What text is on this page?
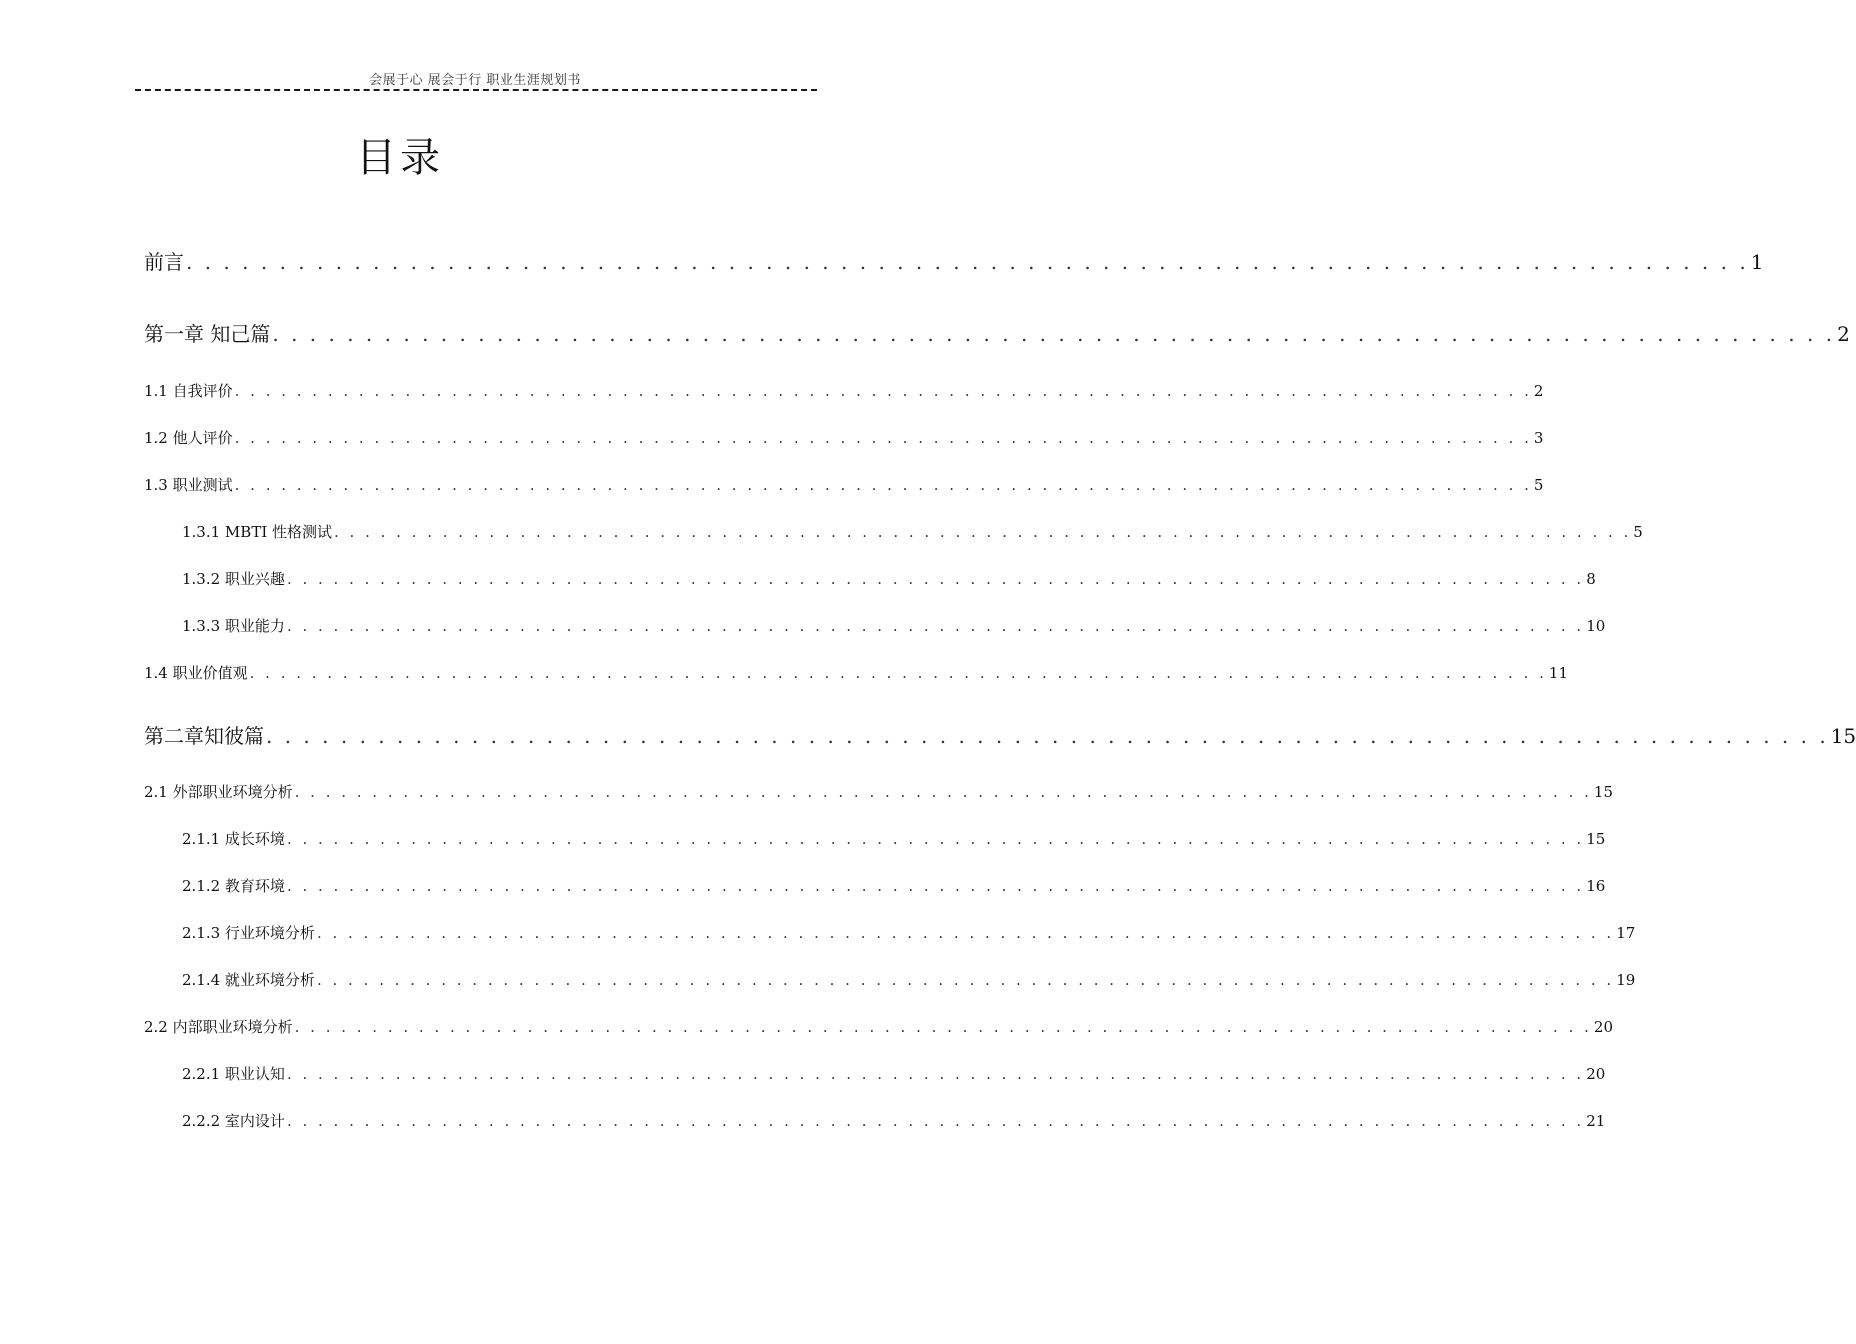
会展于心 展会于行 职业生涯规划书
目录
前言 . . . . . . . . . . . . . . . . . . . . . . . . . . . . . . . . . . . . . . . . . . . . . . . . . . . . . . . . . . . . . . . . . . . . . . . . . . . . . . . . . . . . 1
第一章 知己篇 . . . . . . . . . . . . . . . . . . . . . . . . . . . . . . . . . . . . . . . . . . . . . . . . . . . . . . . . . . . . . . . . . . . . . . . . . . . . . . . . . . . . 2
1.1 自我评价 . . . . . . . . . . . . . . . . . . . . . . . . . . . . . . . . . . . . . . . . . . . . . . . . . . . . . . . . . . . . . . . . . . . . . . . . . . . . . . . . . . . . 2
1.2 他人评价 . . . . . . . . . . . . . . . . . . . . . . . . . . . . . . . . . . . . . . . . . . . . . . . . . . . . . . . . . . . . . . . . . . . . . . . . . . . . . . . . . . . . 3
1.3 职业测试 . . . . . . . . . . . . . . . . . . . . . . . . . . . . . . . . . . . . . . . . . . . . . . . . . . . . . . . . . . . . . . . . . . . . . . . . . . . . . . . . . . . . 5
1.3.1 MBTI 性格测试 . . . . . . . . . . . . . . . . . . . . . . . . . . . . . . . . . . . . . . . . . . . . . . . . . . . . . . . . . . . . . . . . . . . . . . . . . . . . . . . . . . . . 5
1.3.2 职业兴趣 . . . . . . . . . . . . . . . . . . . . . . . . . . . . . . . . . . . . . . . . . . . . . . . . . . . . . . . . . . . . . . . . . . . . . . . . . . . . . . . . . . . . 8
1.3.3 职业能力 . . . . . . . . . . . . . . . . . . . . . . . . . . . . . . . . . . . . . . . . . . . . . . . . . . . . . . . . . . . . . . . . . . . . . . . . . . . . . . . . . . . . 10
1.4 职业价值观 . . . . . . . . . . . . . . . . . . . . . . . . . . . . . . . . . . . . . . . . . . . . . . . . . . . . . . . . . . . . . . . . . . . . . . . . . . . . . . . . . . . . 11
第二章知彼篇 . . . . . . . . . . . . . . . . . . . . . . . . . . . . . . . . . . . . . . . . . . . . . . . . . . . . . . . . . . . . . . . . . . . . . . . . . . . . . . . . . . . . 15
2.1 外部职业环境分析 . . . . . . . . . . . . . . . . . . . . . . . . . . . . . . . . . . . . . . . . . . . . . . . . . . . . . . . . . . . . . . . . . . . . . . . . . . . . . . . . . . . . 15
2.1.1 成长环境 . . . . . . . . . . . . . . . . . . . . . . . . . . . . . . . . . . . . . . . . . . . . . . . . . . . . . . . . . . . . . . . . . . . . . . . . . . . . . . . . . . . . 15
2.1.2 教育环境 . . . . . . . . . . . . . . . . . . . . . . . . . . . . . . . . . . . . . . . . . . . . . . . . . . . . . . . . . . . . . . . . . . . . . . . . . . . . . . . . . . . . 16
2.1.3 行业环境分析 . . . . . . . . . . . . . . . . . . . . . . . . . . . . . . . . . . . . . . . . . . . . . . . . . . . . . . . . . . . . . . . . . . . . . . . . . . . . . . . . . . . . 17
2.1.4 就业环境分析 . . . . . . . . . . . . . . . . . . . . . . . . . . . . . . . . . . . . . . . . . . . . . . . . . . . . . . . . . . . . . . . . . . . . . . . . . . . . . . . . . . . . 19
2.2 内部职业环境分析 . . . . . . . . . . . . . . . . . . . . . . . . . . . . . . . . . . . . . . . . . . . . . . . . . . . . . . . . . . . . . . . . . . . . . . . . . . . . . . . . . . . . 20
2.2.1 职业认知 . . . . . . . . . . . . . . . . . . . . . . . . . . . . . . . . . . . . . . . . . . . . . . . . . . . . . . . . . . . . . . . . . . . . . . . . . . . . . . . . . . . . 20
2.2.2 室内设计 . . . . . . . . . . . . . . . . . . . . . . . . . . . . . . . . . . . . . . . . . . . . . . . . . . . . . . . . . . . . . . . . . . . . . . . . . . . . . . . . . . . . 21
